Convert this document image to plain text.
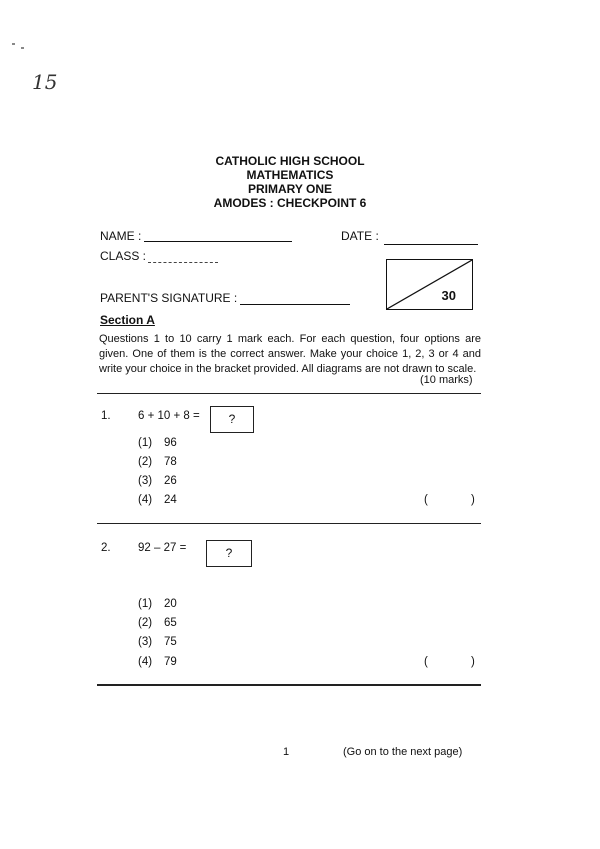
15
CATHOLIC HIGH SCHOOL
MATHEMATICS
PRIMARY ONE
AMODES : CHECKPOINT 6
NAME :	DATE :
CLASS :
PARENT'S SIGNATURE :	30
Section A
Questions 1 to 10 carry 1 mark each. For each question, four options are given. One of them is the correct answer. Make your choice 1, 2, 3 or 4 and write your choice in the bracket provided. All diagrams are not drawn to scale.
(10 marks)
1. 6 + 10 + 8 =	?
(1) 96
(2) 78
(3) 26
(4) 24	(	)
2. 92 – 27 =	?
(1) 20
(2) 65
(3) 75
(4) 79	(	)
1	(Go on to the next page)
